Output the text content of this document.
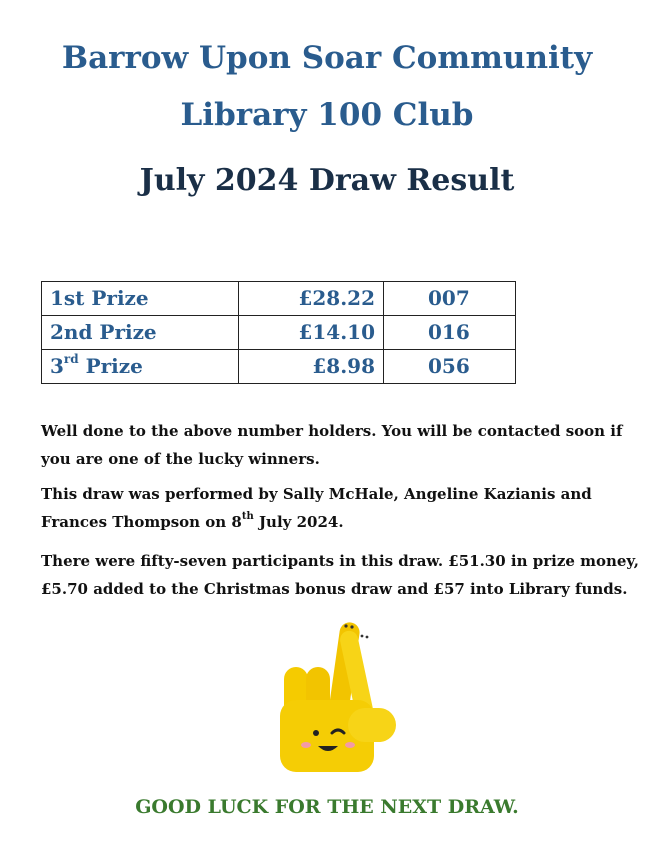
Barrow Upon Soar Community
Library 100 Club
July 2024 Draw Result
1st Prize	£28.22	007
2nd Prize	£14.10	016
3rd Prize	£8.98	056

Well done to the above number holders. You will be contacted soon if you are one of the lucky winners.

This draw was performed by Sally McHale, Angeline Kazianis and Frances Thompson on 8th July 2024.

There were fifty-seven participants in this draw. £51.30 in prize money, £5.70 added to the Christmas bonus draw and £57 into Library funds.

GOOD LUCK FOR THE NEXT DRAW.
